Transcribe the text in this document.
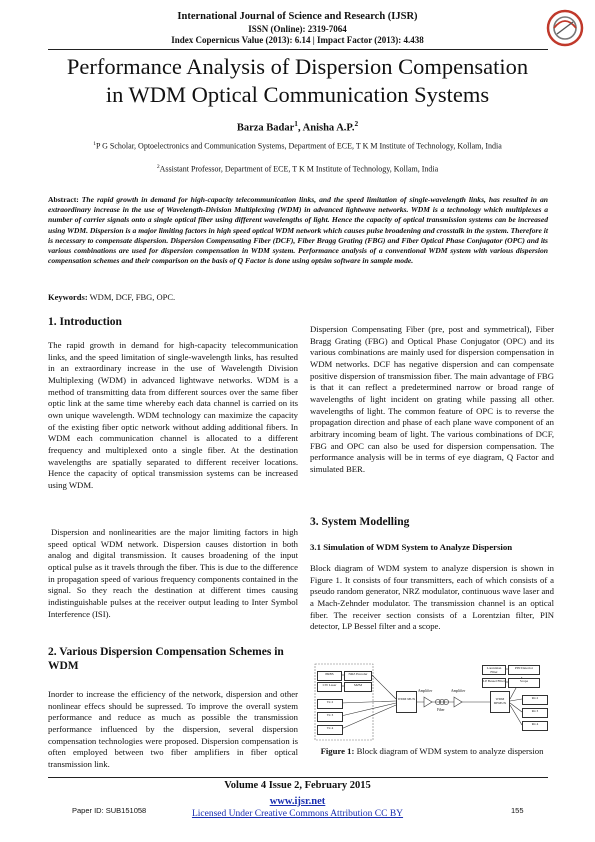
International Journal of Science and Research (IJSR)
ISSN (Online): 2319-7064
Index Copernicus Value (2013): 6.14 | Impact Factor (2013): 4.438
Performance Analysis of Dispersion Compensation
in WDM Optical Communication Systems
Barza Badar$^1$, Anisha A.P.$^2$
$^1$P G Scholar, Optoelectronics and Communication Systems, Department of ECE, T K M Institute of Technology, Kollam, India
$^2$Assistant Professor, Department of ECE, T K M Institute of Technology, Kollam, India
Abstract: The rapid growth in demand for high-capacity telecommunication links, and the speed limitation of single-wavelength links, has resulted in an extraordinary increase in the use of Wavelength-Division Multiplexing (WDM) in advanced lightwave networks. WDM is a technology which multiplexes a number of carrier signals onto a single optical fiber using different wavelengths of light. Hence the capacity of optical transmission systems can be increased using WDM. Dispersion is a major limiting factors in high speed optical WDM network which causes pulse broadening and crosstalk in the system. Therefore it is necessary to compensate dispersion. Dispersion Compensating Fiber (DCF), Fiber Bragg Grating (FBG) and Fiber Optical Phase Conjugator (OPC) and its various combinations are used for dispersion compensation in WDM system. Performance analysis of a conventional WDM system with various dispersion compensation schemes and their comparison on the basis of Q Factor is done using optsim software in sample mode.
Keywords: WDM, DCF, FBG, OPC.
1. Introduction

The rapid growth in demand for high-capacity telecommunication links, and the speed limitation of single-wavelength links, has resulted in an extraordinary increase in the use of Wavelength Division Multiplexing (WDM) in advanced lightwave networks. WDM is a method of transmitting data from different sources over the same fiber optic link at the same time whereby each data channel is carried on its own unique wavelength. WDM technology can maximize the capacity of the existing fiber optic network without adding additional fibers. In WDM each communication channel is allocated to a different frequency and multiplexed onto a single fiber. At the destination wavelengths are spatially separated to different receiver locations. Hence the capacity of optical transmission systems can be increased using WDM.

Dispersion and nonlinearities are the major limiting factors in high speed optical WDM network. Dispersion causes distortion in both analog and digital transmission. It causes broadening of the input optical pulse as it travels through the fiber. This is due to the difference in propagation speed of various frequency components contained in the signal. So they reach the destination at different times causing indistinguishable pulses at the receiver output leading to Inter Symbol Interference (ISI).

2. Various Dispersion Compensation Schemes in WDM

Inorder to increase the efficiency of the network, dispersion and other nonlinear effecs should be supressed. To improve the overall system performance and reduce as much as possible the transmission performance influenced by the dispersion, several dispersion compensation technologies were proposed. Dispersion compensation is often employed between two fiber amplifiers in fiber optical transmission link.

Dispersion Compensating Fiber (pre, post and symmetrical), Fiber Bragg Grating (FBG) and Optical Phase Conjugator (OPC) and its various combinations are mainly used for dispersion compensation in WDM networks. DCF has negative dispersion and can compensate positive dispersion of transmission fiber. The main advantage of FBG is that it can reflect a predetermined narrow or broad range of wavelengths of light incident on grating while passing all other. wavelengths of light. The common feature of OPC is to reverse the propagation direction and phase of each plane wave component of an arbitrary incoming beam of light. The various combinations of DCF, FBG and OPC can also be used for dispersion compensation. The performance analysis will be in terms of eye diagram, Q Factor and simulated BER.

3. System Modelling
3.1 Simulation of WDM System to Analyze Dispersion

Block diagram of WDM system to analyze dispersion is shown in Figure 1. It consists of four transmitters, each of which consists of a pseudo random generator, NRZ modulator, continuous wave laser and a Mach-Zehnder modulator. The transmission channel is an optical fiber. The receiver section consists of a Lorentzian filter, PIN detector, LP Bessel filter and a scope.

PRBS	NRZ Encoder
CW Laser	MZM
Tx 2
Tx 3
Tx 4
WDM MUX
Amplifier
Fiber
Amplifier
WDM DEMUX
Lorentzian Filter
PIN Detector
LP Bessel Filter	Scope
Rx 2
Rx 3
Rx 4
Figure 1: Block diagram of WDM system to analyze dispersion
Volume 4 Issue 2, February 2015
www.ijsr.net
Licensed Under Creative Commons Attribution CC BY
Paper ID: SUB151058	155
